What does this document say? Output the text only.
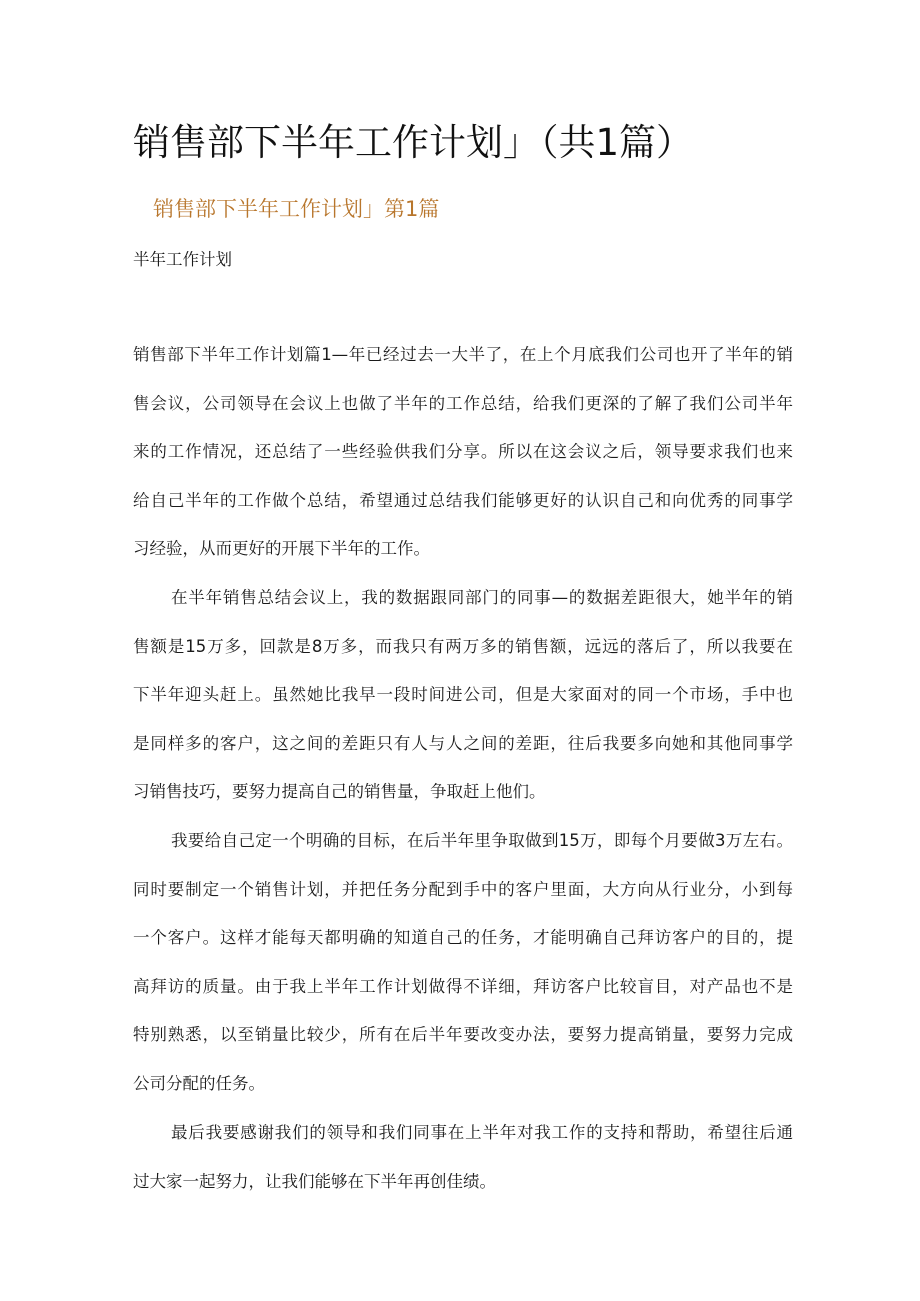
销售部下半年工作计划」（共1篇）
销售部下半年工作计划」第1篇

半年工作计划

销售部下半年工作计划篇1—年已经过去一大半了，在上个月底我们公司也开了半年的销
售会议，公司领导在会议上也做了半年的工作总结，给我们更深的了解了我们公司半年
来的工作情况，还总结了一些经验供我们分享。所以在这会议之后，领导要求我们也来
给自己半年的工作做个总结，希望通过总结我们能够更好的认识自己和向优秀的同事学
习经验，从而更好的开展下半年的工作。
在半年销售总结会议上，我的数据跟同部门的同事—的数据差距很大，她半年的销
售额是15万多，回款是8万多，而我只有两万多的销售额，远远的落后了，所以我要在
下半年迎头赶上。虽然她比我早一段时间进公司，但是大家面对的同一个市场，手中也
是同样多的客户，这之间的差距只有人与人之间的差距，往后我要多向她和其他同事学
习销售技巧，要努力提高自己的销售量，争取赶上他们。
我要给自己定一个明确的目标，在后半年里争取做到15万，即每个月要做3万左右。
同时要制定一个销售计划，并把任务分配到手中的客户里面，大方向从行业分，小到每
一个客户。这样才能每天都明确的知道自己的任务，才能明确自己拜访客户的目的，提
高拜访的质量。由于我上半年工作计划做得不详细，拜访客户比较盲目，对产品也不是
特别熟悉，以至销量比较少，所有在后半年要改变办法，要努力提高销量，要努力完成
公司分配的任务。
最后我要感谢我们的领导和我们同事在上半年对我工作的支持和帮助，希望往后通
过大家一起努力，让我们能够在下半年再创佳绩。
